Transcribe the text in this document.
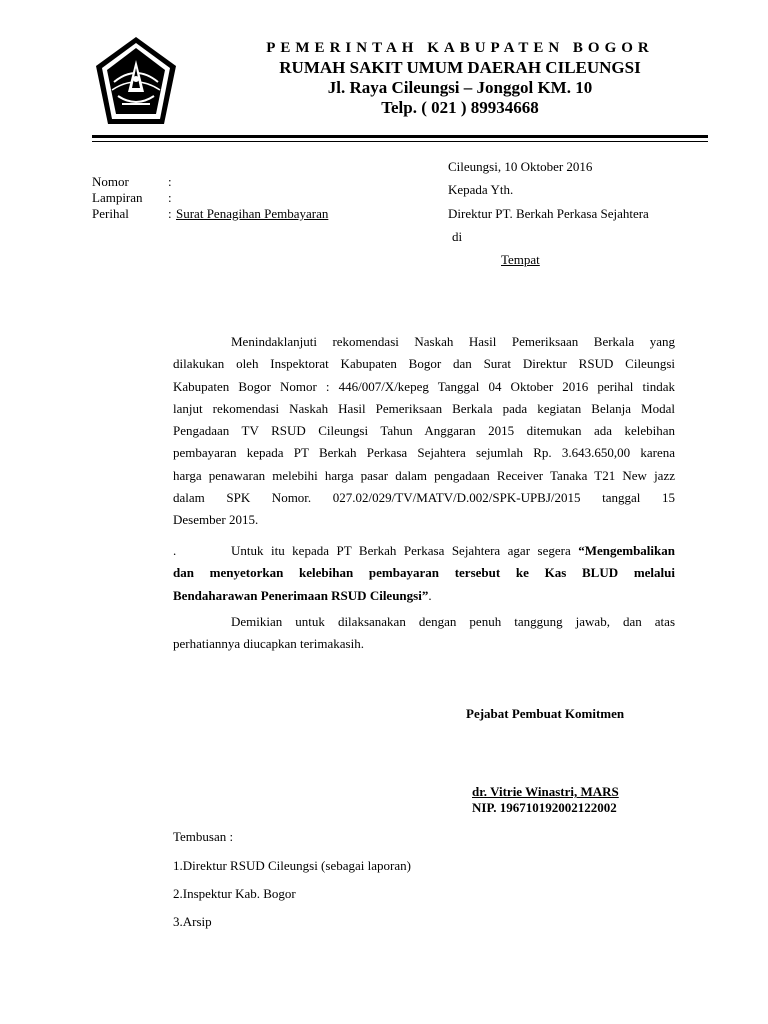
PEMERINTAH KABUPATEN BOGOR
RUMAH SAKIT UMUM DAERAH CILEUNGSI
Jl. Raya Cileungsi – Jonggol KM. 10
Telp. ( 021 ) 89934668
Nomor	:
Lampiran :
Perihal	: Surat Penagihan Pembayaran
Cileungsi, 10 Oktober 2016
Kepada Yth.
Direktur PT. Berkah Perkasa Sejahtera
di
Tempat
Menindaklanjuti rekomendasi Naskah Hasil Pemeriksaan Berkala yang
dilakukan oleh Inspektorat Kabupaten Bogor dan Surat Direktur RSUD Cileungsi
Kabupaten Bogor Nomor : 446/007/X/kepeg Tanggal 04 Oktober 2016 perihal tindak
lanjut rekomendasi Naskah Hasil Pemeriksaan Berkala pada kegiatan Belanja Modal
Pengadaan TV RSUD Cileungsi Tahun Anggaran 2015 ditemukan ada kelebihan
pembayaran kepada PT Berkah Perkasa Sejahtera sejumlah Rp. 3.643.650,00 karena
harga penawaran melebihi harga pasar dalam pengadaan Receiver Tanaka T21 New jazz
dalam SPK Nomor. 027.02/029/TV/MATV/D.002/SPK-UPBJ/2015 tanggal 15
Desember 2015.
.	Untuk itu kepada PT Berkah Perkasa Sejahtera agar segera “Mengembalikan
dan menyetorkan kelebihan pembayaran tersebut ke Kas BLUD melalui
Bendaharawan Penerimaan RSUD Cileungsi”.
Demikian untuk dilaksanakan dengan penuh tanggung jawab, dan atas
perhatiannya diucapkan terimakasih.
Pejabat Pembuat Komitmen
dr. Vitrie Winastri, MARS
NIP. 196710192002122002
Tembusan :
1.Direktur RSUD Cileungsi (sebagai laporan)
2.Inspektur Kab. Bogor
3.Arsip
